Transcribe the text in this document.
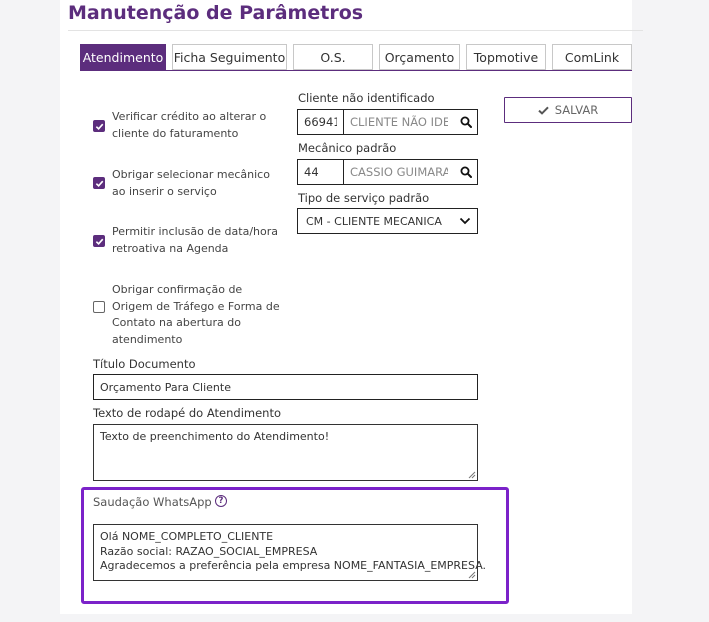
Manutenção de Parâmetros
Atendimento Ficha Seguimento	O.S.	Orçamento	Topmotive	ComLink
Verificar crédito ao alterar o cliente do faturamento
Obrigar selecionar mecânico ao inserir o serviço
Permitir inclusão de data/hora retroativa na Agenda
Obrigar confirmação de Origem de Tráfego e Forma de Contato na abertura do atendimento
Cliente não identificado
66941
CLIENTE NÃO IDENTI
Mecânico padrão
44
CASSIO GUIMARAES
Tipo de serviço padrão
CM - CLIENTE MECANICA
SALVAR
Título Documento
Orçamento Para Cliente
Texto de rodapé do Atendimento
Texto de preenchimento do Atendimento!
Saudação WhatsApp ?
Olá NOME_COMPLETO_CLIENTE
Razão social: RAZAO_SOCIAL_EMPRESA
Agradecemos a preferência pela empresa NOME_FANTASIA_EMPRESA.
